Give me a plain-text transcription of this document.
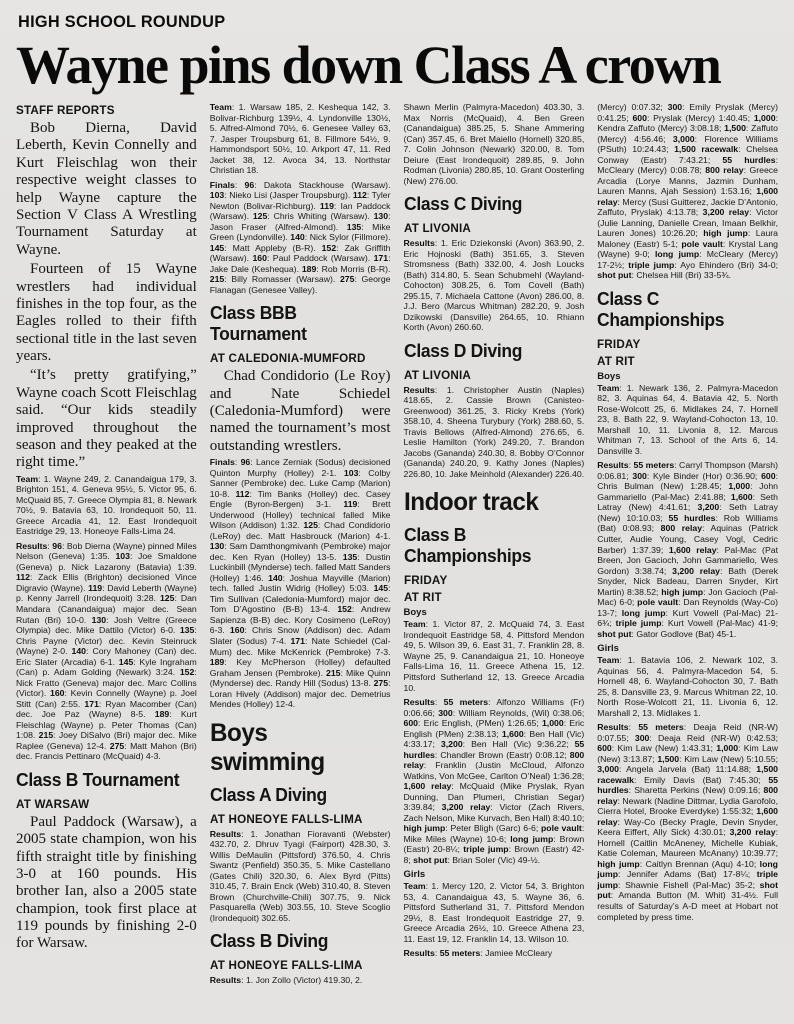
HIGH SCHOOL ROUNDUP
Wayne pins down Class A crown
STAFF REPORTS
Bob Dierna, David Leberth, Kevin Connelly and Kurt Fleischlag won their respective weight classes to help Wayne capture the Section V Class A Wrestling Tournament Saturday at Wayne.
Fourteen of 15 Wayne wrestlers had individual finishes in the top four, as the Eagles rolled to their fifth sectional title in the last seven years.
“It’s pretty gratifying,” Wayne coach Scott Fleischlag said. “Our kids steadily improved throughout the season and they peaked at the right time.”
Team: 1. Wayne 249, 2. Canandaigua 179, 3. Brighton 151, 4. Geneva 95½, 5. Victor 95, 6. McQuaid 85, 7. Greece Olympia 81, 8. Newark 70½, 9. Batavia 63, 10. Irondequoit 50, 11. Greece Arcadia 41, 12. East Irondequoit Eastridge 29, 13. Honeoye Falls-Lima 24.
Results: 96: Bob Dierna (Wayne) pinned Miles Nelson (Geneva) 1:35. 103: Joe Smaldone (Geneva) p. Nick Lazarony (Batavia) 1:39. 112: Zack Ellis (Brighton) decisioned Vince Digravio (Wayne). 119: David Leberth (Wayne) p. Kenny Jarrell (Irondequoit) 3:28. 125: Dan Mandara (Canandaigua) major dec. Sean Rutan (Bri) 10-0. 130: Josh Veltre (Greece Olympia) dec. Mike Dattilo (Victor) 6-0. 135: Chris Payne (Victor) dec. Kevin Steinruck (Wayne) 2-0. 140: Cory Mahoney (Can) dec. Eric Slater (Arcadia) 6-1. 145: Kyle Ingraham (Can) p. Adam Golding (Newark) 3:24. 152: Nick Fratto (Geneva) major dec. Marc Collins (Victor). 160: Kevin Connelly (Wayne) p. Joel Stitt (Can) 2:55. 171: Ryan Macomber (Can) dec. Joe Paz (Wayne) 8-5. 189: Kurt Fleischlag (Wayne) p. Peter Thomas (Can) 1:08. 215: Joey DiSalvo (Bri) major dec. Mike Raplee (Geneva) 12-4. 275: Matt Mahon (Bri) dec. Francis Pettinaro (McQuaid) 4-3.
Class B Tournament
AT WARSAW
Paul Paddock (Warsaw), a 2005 state champion, won his fifth straight title by finishing 3-0 at 160 pounds. His brother Ian, also a 2005 state champion, took first place at 119 pounds by finishing 2-0 for Warsaw.
Team: 1. Warsaw 185, 2. Keshequa 142, 3. Bolivar-Richburg 139½, 4. Lyndonville 130½, 5. Alfred-Almond 70½, 6. Genesee Valley 63, 7. Jasper Troupsburg 61, 8. Fillmore 54½, 9. Hammondsport 50½, 10. Arkport 47, 11. Red Jacket 38, 12. Avoca 34, 13. Northstar Christian 18.
Finals: 96: Dakota Stackhouse (Warsaw). 103: Nieko Lisi (Jasper Troupsburg). 112: Tyler Newton (Bolivar-Richburg). 119: Ian Paddock (Warsaw). 125: Chris Whiting (Warsaw). 130: Jason Fraser (Alfred-Almond). 135: Mike Green (Lyndonville). 140: Nick Sylor (Fillmore). 145: Matt Appleby (B-R). 152: Zak Griffith (Warsaw). 160: Paul Paddock (Warsaw). 171: Jake Dale (Keshequa). 189: Rob Morris (B-R). 215: Billy Romasser (Warsaw). 275: George Flanagan (Genesee Valley).
Class BBB Tournament
AT CALEDONIA-MUMFORD
Chad Condidorio (Le Roy) and Nate Schiedel (Caledonia-Mumford) were named the tournament’s most outstanding wrestlers.
Finals: 96: Lance Zerniak (Sodus) decisioned Quinton Murphy (Holley) 2-1. 103: Colby Sanner (Pembroke) dec. Luke Camp (Marion) 10-8. 112: Tim Banks (Holley) dec. Casey Engle (Byron-Bergen) 3-1. 119: Brett Underwood (Holley) technical falled Mike Wilson (Addison) 1:32. 125: Chad Condidorio (LeRoy) dec. Matt Hasbrouck (Marion) 4-1. 130: Sam Damthongmivanh (Pembroke) major dec. Ken Ryan (Holley) 13-5. 135: Dustin Luckinbill (Mynderse) tech. falled Matt Sanders (Holley) 1:46. 140: Joshua Mayville (Marion) tech. falled Justin Widrig (Holley) 5:03. 145: Tim Sullivan (Caledonia-Mumford) major dec. Tom D’Agostino (B-B) 13-4. 152: Andrew Sapienza (B-B) dec. Kory Cosimeno (LeRoy) 6-3. 160: Chris Snow (Addison) dec. Adam Slater (Sodus) 7-4. 171: Nate Schiedel (Cal-Mum) dec. Mike McKenrick (Pembroke) 7-3. 189: Key McPherson (Holley) defaulted Graham Jensen (Pembroke). 215: Mike Quinn (Mynderse) dec. Randy Hill (Sodus) 13-8. 275: Loran Hively (Addison) major dec. Demetrius Mendes (Holley) 12-4.
Boys swimming
Class A Diving
AT HONEOYE FALLS-LIMA
Results: 1. Jonathan Fioravanti (Webster) 432.70, 2. Dhruv Tyagi (Fairport) 428.30, 3. Willis DeMaulin (Pittsford) 376.50, 4. Chris Swantz (Penfield) 350.35, 5. Mike Castellano (Gates Chili) 320.30, 6. Alex Byrd (Pitts) 310.45, 7. Brain Enck (Web) 310.40, 8. Steven Brown (Churchville-Chili) 307.75, 9. Nick Pasquarella (Web) 303.55, 10. Steve Scoglio (Irondequoit) 302.65.
Class B Diving
AT HONEOYE FALLS-LIMA
Results: 1. Jon Zollo (Victor) 419.30, 2.
Shawn Merlin (Palmyra-Macedon) 403.30, 3. Max Norris (McQuaid), 4. Ben Green (Canandaigua) 385.25, 5. Shane Ammering (Can) 357.45, 6. Bret Maiello (Hornell) 320.85, 7. Colin Johnson (Newark) 320.00, 8. Tom Deiure (East Irondequoit) 289.85, 9. John Rodman (Livonia) 280.85, 10. Grant Oosterling (New) 276.00.
Class C Diving
AT LIVONIA
Results: 1. Eric Dziekonski (Avon) 363.90, 2. Eric Hojnoski (Bath) 351.65, 3. Steven Stromsness (Bath) 332.00, 4. Josh Loucks (Bath) 314.80, 5. Sean Schubmehl (Wayland-Cohocton) 308.25, 6. Tom Covell (Bath) 295.15, 7. Michaela Cattone (Avon) 286.00, 8. J.J. Bero (Marcus Whitman) 282.20, 9. Josh Dzikowski (Dansville) 264.65, 10. Rhiann Korth (Avon) 260.60.
Class D Diving
AT LIVONIA
Results: 1. Christopher Austin (Naples) 418.65, 2. Cassie Brown (Canisteo-Greenwood) 361.25, 3. Ricky Krebs (York) 358.10, 4. Sheena Turybury (York) 288.60, 5. Travis Bellows (Alfred-Almond) 276.65, 6. Leslie Hamilton (York) 249.20, 7. Brandon Jacobs (Gananda) 240.30, 8. Bobby O’Connor (Gananda) 240.20, 9. Kathy Jones (Naples) 226.80, 10. Jake Meinhold (Alexander) 226.40.
Indoor track
Class B Championships
FRIDAY
AT RIT
Boys
Team: 1. Victor 87, 2. McQuaid 74, 3. East Irondequoit Eastridge 58, 4. Pittsford Mendon 49, 5. Wilson 39, 6. East 31, 7. Franklin 28, 8. Wayne 25, 9. Canandaigua 21, 10. Honeoye Falls-Lima 16, 11. Greece Athena 15, 12. Pittsford Sutherland 12, 13. Greece Arcadia 10.
Results: 55 meters: Alfonzo Williams (Fr) 0:06.66; 300: William Reynolds, (Wil) 0:38.06; 600: Eric English, (PMen) 1:26.65; 1,000: Eric English (PMen) 2:38.13; 1,600: Ben Hall (Vic) 4:33.17; 3,200: Ben Hall (Vic) 9:36.22; 55 hurdles: Chandler Brown (Eastr) 0:08.12; 800 relay: Franklin (Justin McCloud, Alfonzo Watkins, Von McGee, Carlton O’Neal) 1:36.28; 1,600 relay: McQuaid (Mike Pryslak, Ryan Dunning, Dan Plumeri, Christian Segar) 3:39.84; 3,200 relay: Victor (Zach Rivers, Zach Nelson, Mike Kurvach, Ben Hall) 8:40.10; high jump: Peter Bligh (Garc) 6-6; pole vault: Mike Miles (Wayne) 10-6; long jump: Brown (Eastr) 20-8¼; triple jump: Brown (Eastr) 42-8; shot put: Brian Soler (Vic) 49-½.
Girls
Team: 1. Mercy 120, 2. Victor 54, 3. Brighton 53, 4. Canandaigua 43, 5. Wayne 36, 6. Pittsford Sutherland 31, 7. Pittsford Mendon 29½, 8. East Irondequoit Eastridge 27, 9. Greece Arcadia 26½, 10. Greece Athena 23, 11. East 19, 12. Franklin 14, 13. Wilson 10.
Results: 55 meters: Jamiee McCleary
(Mercy) 0:07.32; 300: Emily Pryslak (Mercy) 0:41.25; 600: Pryslak (Mercy) 1:40.45; 1,000: Kendra Zaffuto (Mercy) 3:08.18; 1,500: Zaffuto (Mercy) 4:56.46; 3,000: Florence Williams (PSuth) 10:24.43; 1,500 racewalk: Chelsea Conway (Eastr) 7:43.21; 55 hurdles: McCleary (Mercy) 0:08.78; 800 relay: Greece Arcadia (Lorye Manns, Jazmin Dunham, Lauren Manns, Ajah Session) 1:53.16; 1,600 relay: Mercy (Susi Guitterez, Jackie D’Antonio, Zaffuto, Pryslak) 4:13.78; 3,200 relay: Victor (Julie Lanning, Danielle Crean, Imaan Belkhir, Lauren Jones) 10:26.20; high jump: Laura Maloney (Eastr) 5-1; pole vault: Krystal Lang (Wayne) 9-0; long jump: McCleary (Mercy) 17-2½; triple jump: Ayo Ehindero (Bri) 34-0; shot put: Chelsea Hill (Bri) 33-5¾.
Class C Championships
FRIDAY
AT RIT
Boys
Team: 1. Newark 136, 2. Palmyra-Macedon 82, 3. Aquinas 64, 4. Batavia 42, 5. North Rose-Wolcott 25, 6. Midlakes 24, 7. Hornell 23, 8. Bath 22, 9. Wayland-Cohocton 13, 10. Marshall 10, 11. Livonia 8, 12. Marcus Whitman 7, 13. School of the Arts 6, 14. Dansville 3.
Results: 55 meters: Carryl Thompson (Marsh) 0:06.81; 300: Kyle Binder (Hor) 0:36.90; 600: Chris Bulman (New) 1:28.45; 1,000: John Gammariello (Pal-Mac) 2:41.88; 1,600: Seth Latray (New) 4:41.61; 3,200: Seth Latray (New) 10:10.03; 55 hurdles: Rob Williams (Bat) 0:08.93; 800 relay: Aquinas (Patrick Cutter, Audie Young, Casey Vogl, Cedric Barber) 1:37.39; 1,600 relay: Pal-Mac (Pat Breen, Jon Gacioch, John Gammariello, Wes Gordon) 3:38.74; 3,200 relay: Bath (Derek Snyder, Nick Badeau, Darren Snyder, Kirt Martin) 8:38.52; high jump: Jon Gacioch (Pal-Mac) 6-0; pole vault: Dan Reynolds (Way-Co) 13-7; long jump: Kurt Vowell (Pal-Mac) 21-6¾; triple jump: Kurt Vowell (Pal-Mac) 41-9; shot put: Gator Godlove (Bat) 45-1.
Girls
Team: 1. Batavia 106, 2. Newark 102, 3. Aquinas 56, 4. Palmyra-Macedon 54, 5. Hornell 48, 6. Wayland-Cohocton 30, 7. Bath 25, 8. Dansville 23, 9. Marcus Whitman 22, 10. North Rose-Wolcott 21, 11. Livonia 6, 12. Marshall 2, 13. Midlakes 1.
Results: 55 meters: Deaja Reid (NR-W) 0:07.55; 300: Deaja Reid (NR-W) 0:42.53; 600: Kim Law (New) 1:43.31; 1,000: Kim Law (New) 3:13.87; 1,500: Kim Law (New) 5:10.55; 3,000: Angela Jarvela (Bat) 11:14.88; 1,500 racewalk: Emily Davis (Bat) 7:45.30; 55 hurdles: Sharetta Perkins (New) 0:09.16; 800 relay: Newark (Nadine Dittmar, Lydia Garofolo, Cierra Hotel, Brooke Everdyke) 1:55:32; 1,600 relay: Way-Co (Becky Pragle, Devin Snyder, Keera Eiffert, Ally Sick) 4:30.01; 3,200 relay: Hornell (Caitlin McAneney, Michelle Kubiak, Katie Coleman, Maureen McAnany) 10:39.77; high jump: Caitlyn Brennan (Aqu) 4-10; long jump: Jennifer Adams (Bat) 17-8¼; triple jump: Shawnie Fishell (Pal-Mac) 35-2; shot put: Amanda Button (M. Whit) 31-4½. Full results of Saturday’s A-D meet at Hobart not completed by press time.
